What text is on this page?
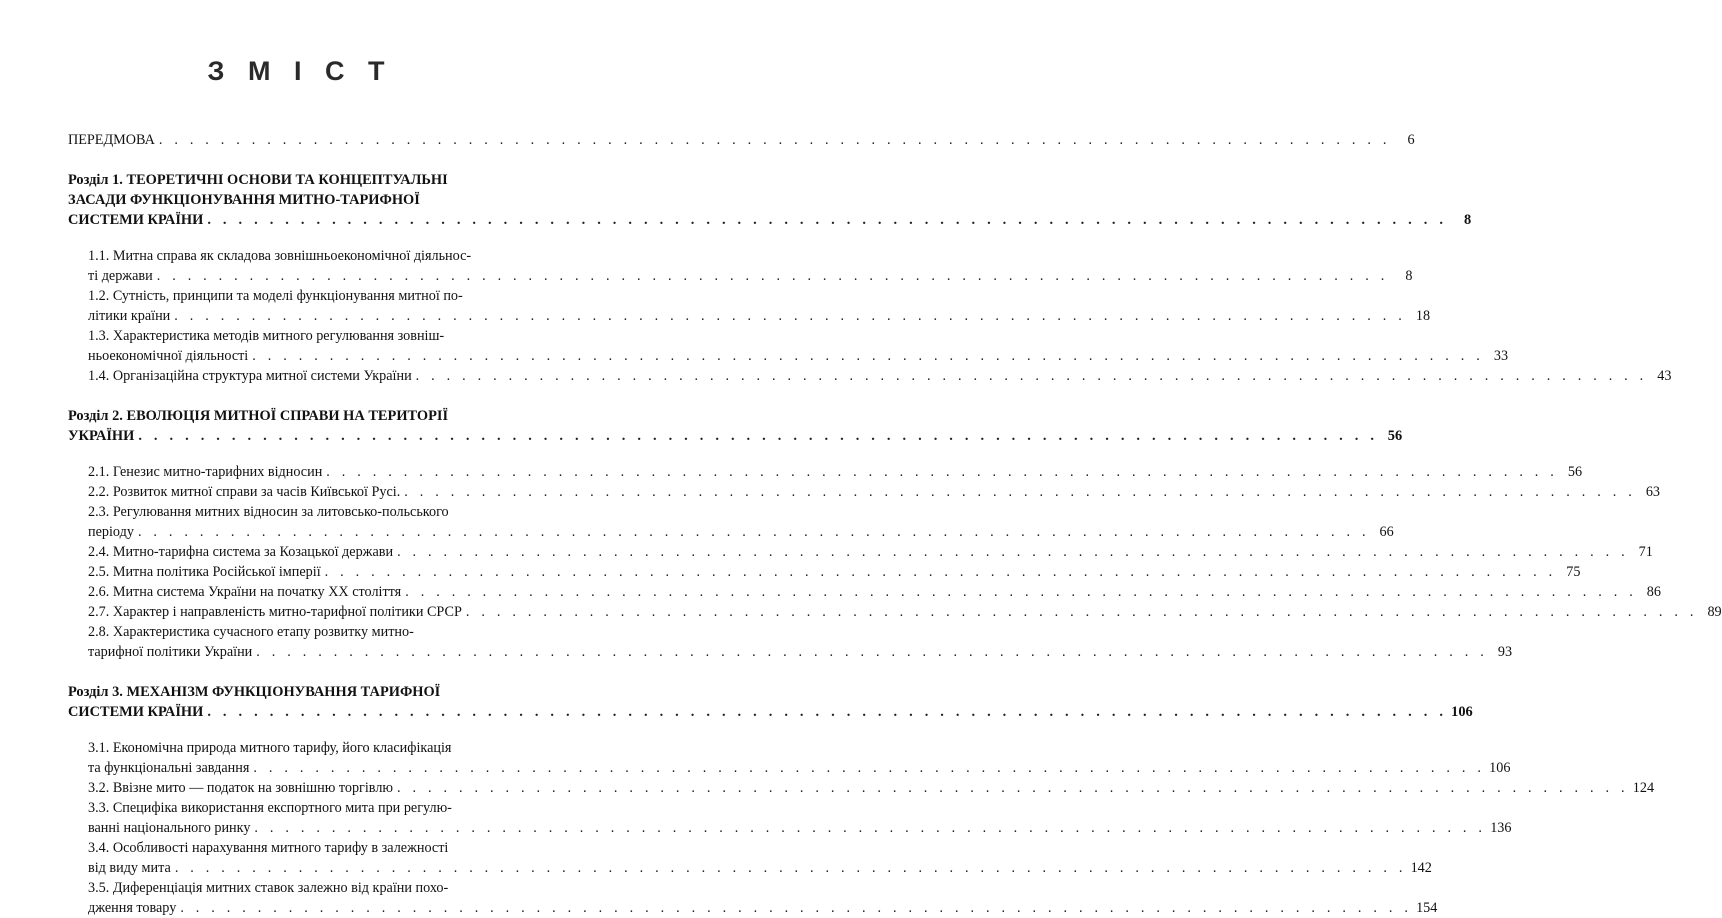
З М І С Т
ПЕРЕДМОВА . . . . . . . . . . . . . . . . . . . . . . . . . . . . . . . . . . . . . . . . . . . . . . . . . . . . . . . . . . . . . . . . . . . . . . . . . . . . . . . .	6
Розділ 1. ТЕОРЕТИЧНІ ОСНОВИ ТА КОНЦЕПТУАЛЬНІ
ЗАСАДИ ФУНКЦІОНУВАННЯ МИТНО-ТАРИФНОЇ
СИСТЕМИ КРАЇНИ . . . . . . . . . . . . . . . . . . . . . . . . . . . . . . . . . . . . . . . . . . . . . . . . . . . . . . . . . . . . . . . . . . . . . . . . . . . . . . . .	8
1.1. Митна справа як складова зовнішньоекономічної діяльнос-
ті держави . . . . . . . . . . . . . . . . . . . . . . . . . . . . . . . . . . . . . . . . . . . . . . . . . . . . . . . . . . . . . . . . . . . . . . . . . . . . . . . .	8
1.2. Сутність, принципи та моделі функціонування митної по-
літики країни . . . . . . . . . . . . . . . . . . . . . . . . . . . . . . . . . . . . . . . . . . . . . . . . . . . . . . . . . . . . . . . . . . . . . . . . . . . . . . . . 18
1.3. Характеристика методів митного регулювання зовніш-
ньоекономічної діяльності . . . . . . . . . . . . . . . . . . . . . . . . . . . . . . . . . . . . . . . . . . . . . . . . . . . . . . . . . . . . . . . . . . . . . . . . . . . . . . . . 33
1.4. Організаційна структура митної системи України . . . . . . . . . . . . . . . . . . . . . . . . . . . . . . . . . . . . . . . . . . . . . . . . . . . . . . . . . . . . . . . . . . . . . . . . . . . . . . . . 43
Розділ 2. ЕВОЛЮЦІЯ МИТНОЇ СПРАВИ НА ТЕРИТОРІЇ
УКРАЇНИ . . . . . . . . . . . . . . . . . . . . . . . . . . . . . . . . . . . . . . . . . . . . . . . . . . . . . . . . . . . . . . . . . . . . . . . . . . . . . . . . 56
2.1. Генезис митно-тарифних відносин . . . . . . . . . . . . . . . . . . . . . . . . . . . . . . . . . . . . . . . . . . . . . . . . . . . . . . . . . . . . . . . . . . . . . . . . . . . . . . . . 56
2.2. Розвиток митної справи за часів Київської Русі. . . . . . . . . . . . . . . . . . . . . . . . . . . . . . . . . . . . . . . . . . . . . . . . . . . . . . . . . . . . . . . . . . . . . . . . . . . . . . . . . 63
2.3. Регулювання митних відносин за литовсько-польського
періоду . . . . . . . . . . . . . . . . . . . . . . . . . . . . . . . . . . . . . . . . . . . . . . . . . . . . . . . . . . . . . . . . . . . . . . . . . . . . . . . . 66
2.4. Митно-тарифна система за Козацької держави . . . . . . . . . . . . . . . . . . . . . . . . . . . . . . . . . . . . . . . . . . . . . . . . . . . . . . . . . . . . . . . . . . . . . . . . . . . . . . . . 71
2.5. Митна політика Російської імперії . . . . . . . . . . . . . . . . . . . . . . . . . . . . . . . . . . . . . . . . . . . . . . . . . . . . . . . . . . . . . . . . . . . . . . . . . . . . . . . . 75
2.6. Митна система України на початку ХХ століття . . . . . . . . . . . . . . . . . . . . . . . . . . . . . . . . . . . . . . . . . . . . . . . . . . . . . . . . . . . . . . . . . . . . . . . . . . . . . . . . 86
2.7. Характер і направленість митно-тарифної політики СРСР . . . . . . . . . . . . . . . . . . . . . . . . . . . . . . . . . . . . . . . . . . . . . . . . . . . . . . . . . . . . . . . . . . . . . . . . . . . . . . . . 89
2.8. Характеристика сучасного етапу розвитку митно-
тарифної політики України . . . . . . . . . . . . . . . . . . . . . . . . . . . . . . . . . . . . . . . . . . . . . . . . . . . . . . . . . . . . . . . . . . . . . . . . . . . . . . . . 93
Розділ 3. МЕХАНІЗМ ФУНКЦІОНУВАННЯ ТАРИФНОЇ
СИСТЕМИ КРАЇНИ . . . . . . . . . . . . . . . . . . . . . . . . . . . . . . . . . . . . . . . . . . . . . . . . . . . . . . . . . . . . . . . . . . . . . . . . . . . . . . . . 106
3.1. Економічна природа митного тарифу, його класифікація
та функціональні завдання . . . . . . . . . . . . . . . . . . . . . . . . . . . . . . . . . . . . . . . . . . . . . . . . . . . . . . . . . . . . . . . . . . . . . . . . . . . . . . . . 106
3.2. Ввізне мито — податок на зовнішню торгівлю . . . . . . . . . . . . . . . . . . . . . . . . . . . . . . . . . . . . . . . . . . . . . . . . . . . . . . . . . . . . . . . . . . . . . . . . . . . . . . . . 124
3.3. Специфіка використання експортного мита при регулю-
ванні національного ринку . . . . . . . . . . . . . . . . . . . . . . . . . . . . . . . . . . . . . . . . . . . . . . . . . . . . . . . . . . . . . . . . . . . . . . . . . . . . . . . . 136
3.4. Особливості нарахування митного тарифу в залежності
від виду мита . . . . . . . . . . . . . . . . . . . . . . . . . . . . . . . . . . . . . . . . . . . . . . . . . . . . . . . . . . . . . . . . . . . . . . . . . . . . . . . . 142
3.5. Диференціація митних ставок залежно від країни похо-
дження товару . . . . . . . . . . . . . . . . . . . . . . . . . . . . . . . . . . . . . . . . . . . . . . . . . . . . . . . . . . . . . . . . . . . . . . . . . . . . . . . . 154
